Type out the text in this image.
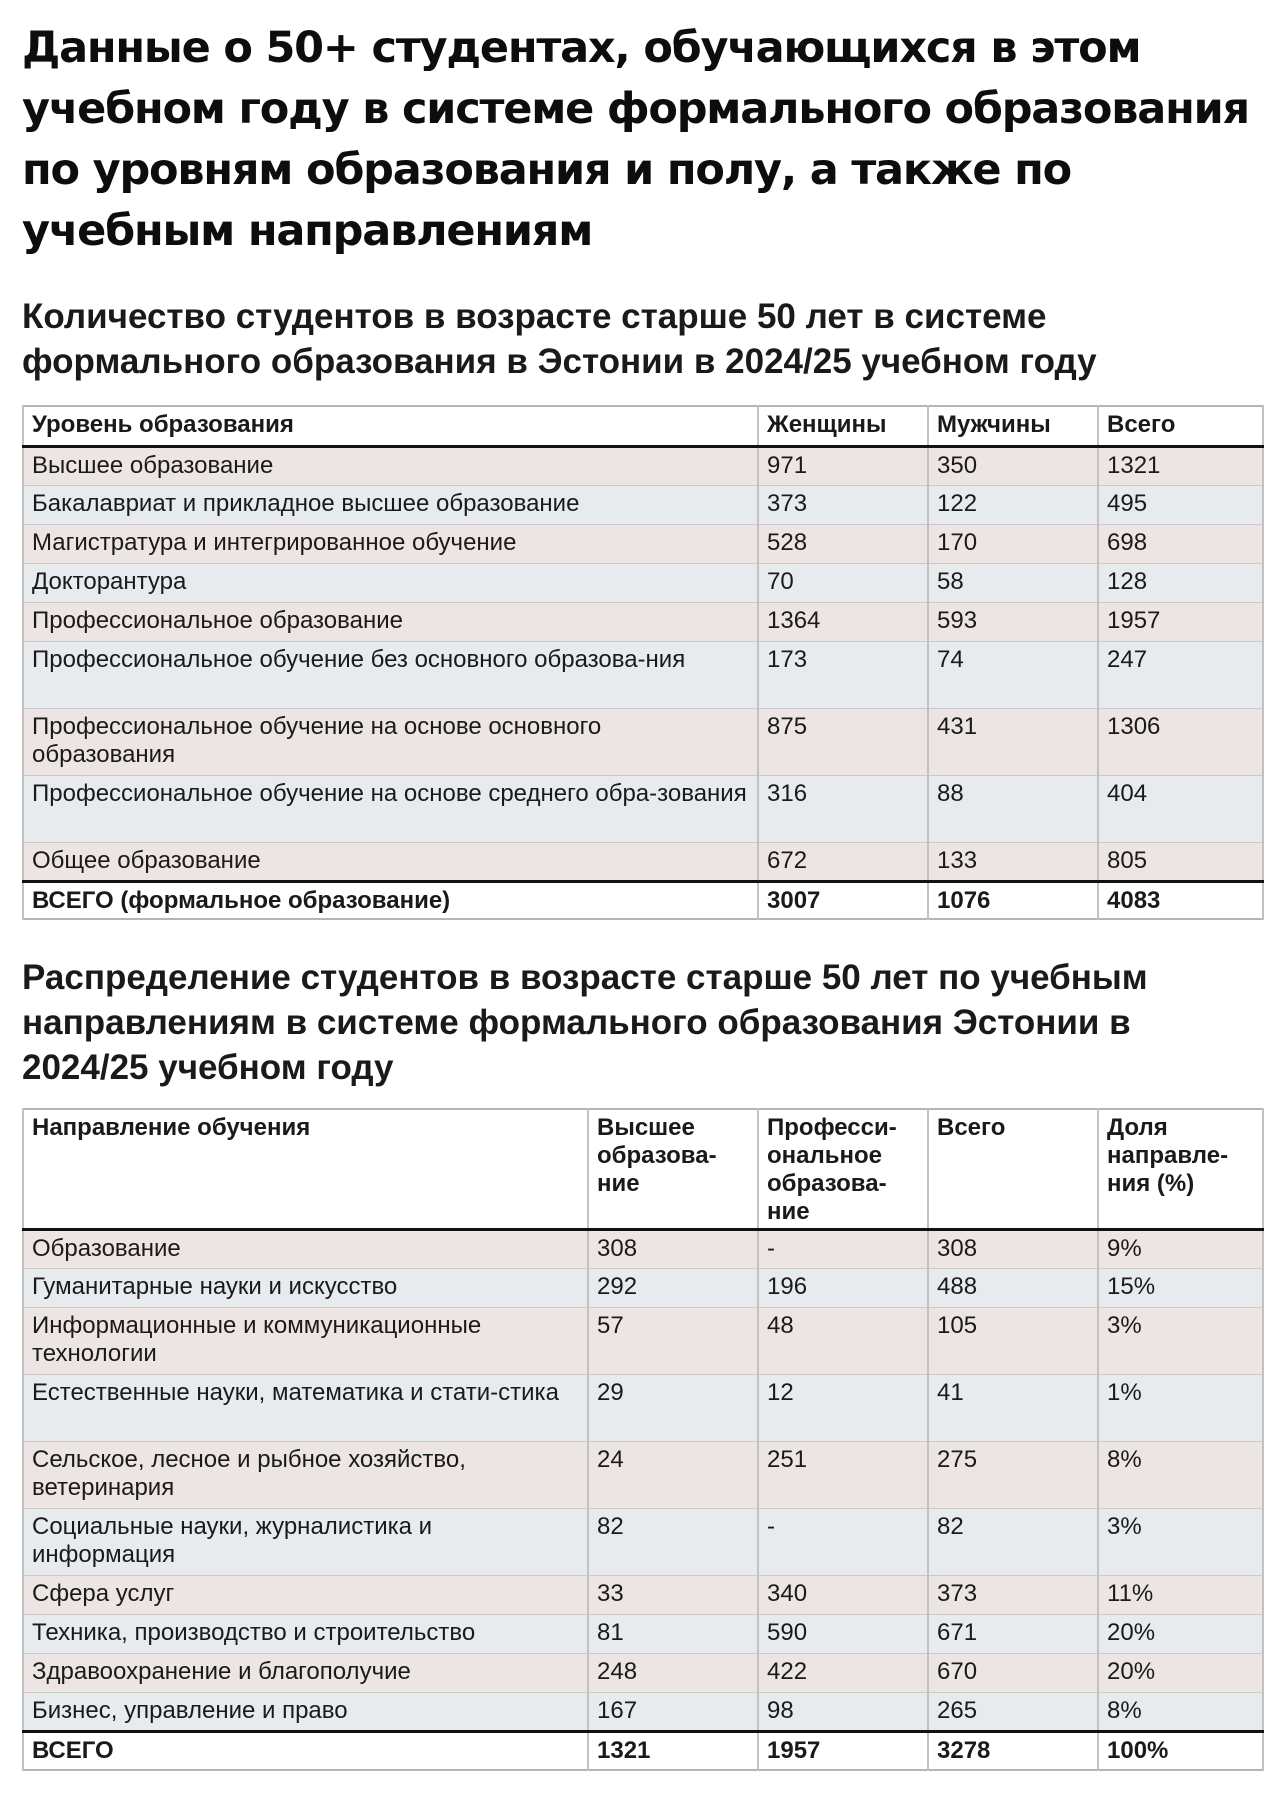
Данные о 50+ студентах, обучающихся в этом учебном году в системе формального образования по уровням образования и полу, а также по учебным направлениям
Количество студентов в возрасте старше 50 лет в системе формального образования в Эстонии в 2024/25 учебном году
Уровень образования	Женщины	Мужчины	Всего
Высшее образование	971	350	1321
Бакалавриат и прикладное высшее образование	373	122	495
Магистратура и интегрированное обучение	528	170	698
Докторантура	70	58	128
Профессиональное образование	1364	593	1957
Профессиональное обучение без основного образова-ния	173	74	247
Профессиональное обучение на основе основного образования	875	431	1306
Профессиональное обучение на основе среднего обра-зования	316	88	404
Общее образование	672	133	805
ВСЕГО (формальное образование)	3007	1076	4083
Распределение студентов в возрасте старше 50 лет по учебным направлениям в системе формального образования Эстонии в 2024/25 учебном году
Направление обучения	Высшее образова-ние	Професси-ональное образова-ние	Всего	Доля направле-ния (%)
Образование	308	-	308	9%
Гуманитарные науки и искусство	292	196	488	15%
Информационные и коммуникационные технологии	57	48	105	3%
Естественные науки, математика и стати-стика	29	12	41	1%
Сельское, лесное и рыбное хозяйство, ветеринария	24	251	275	8%
Социальные науки, журналистика и информация	82	-	82	3%
Сфера услуг	33	340	373	11%
Техника, производство и строительство	81	590	671	20%
Здравоохранение и благополучие	248	422	670	20%
Бизнес, управление и право	167	98	265	8%
ВСЕГО	1321	1957	3278	100%
